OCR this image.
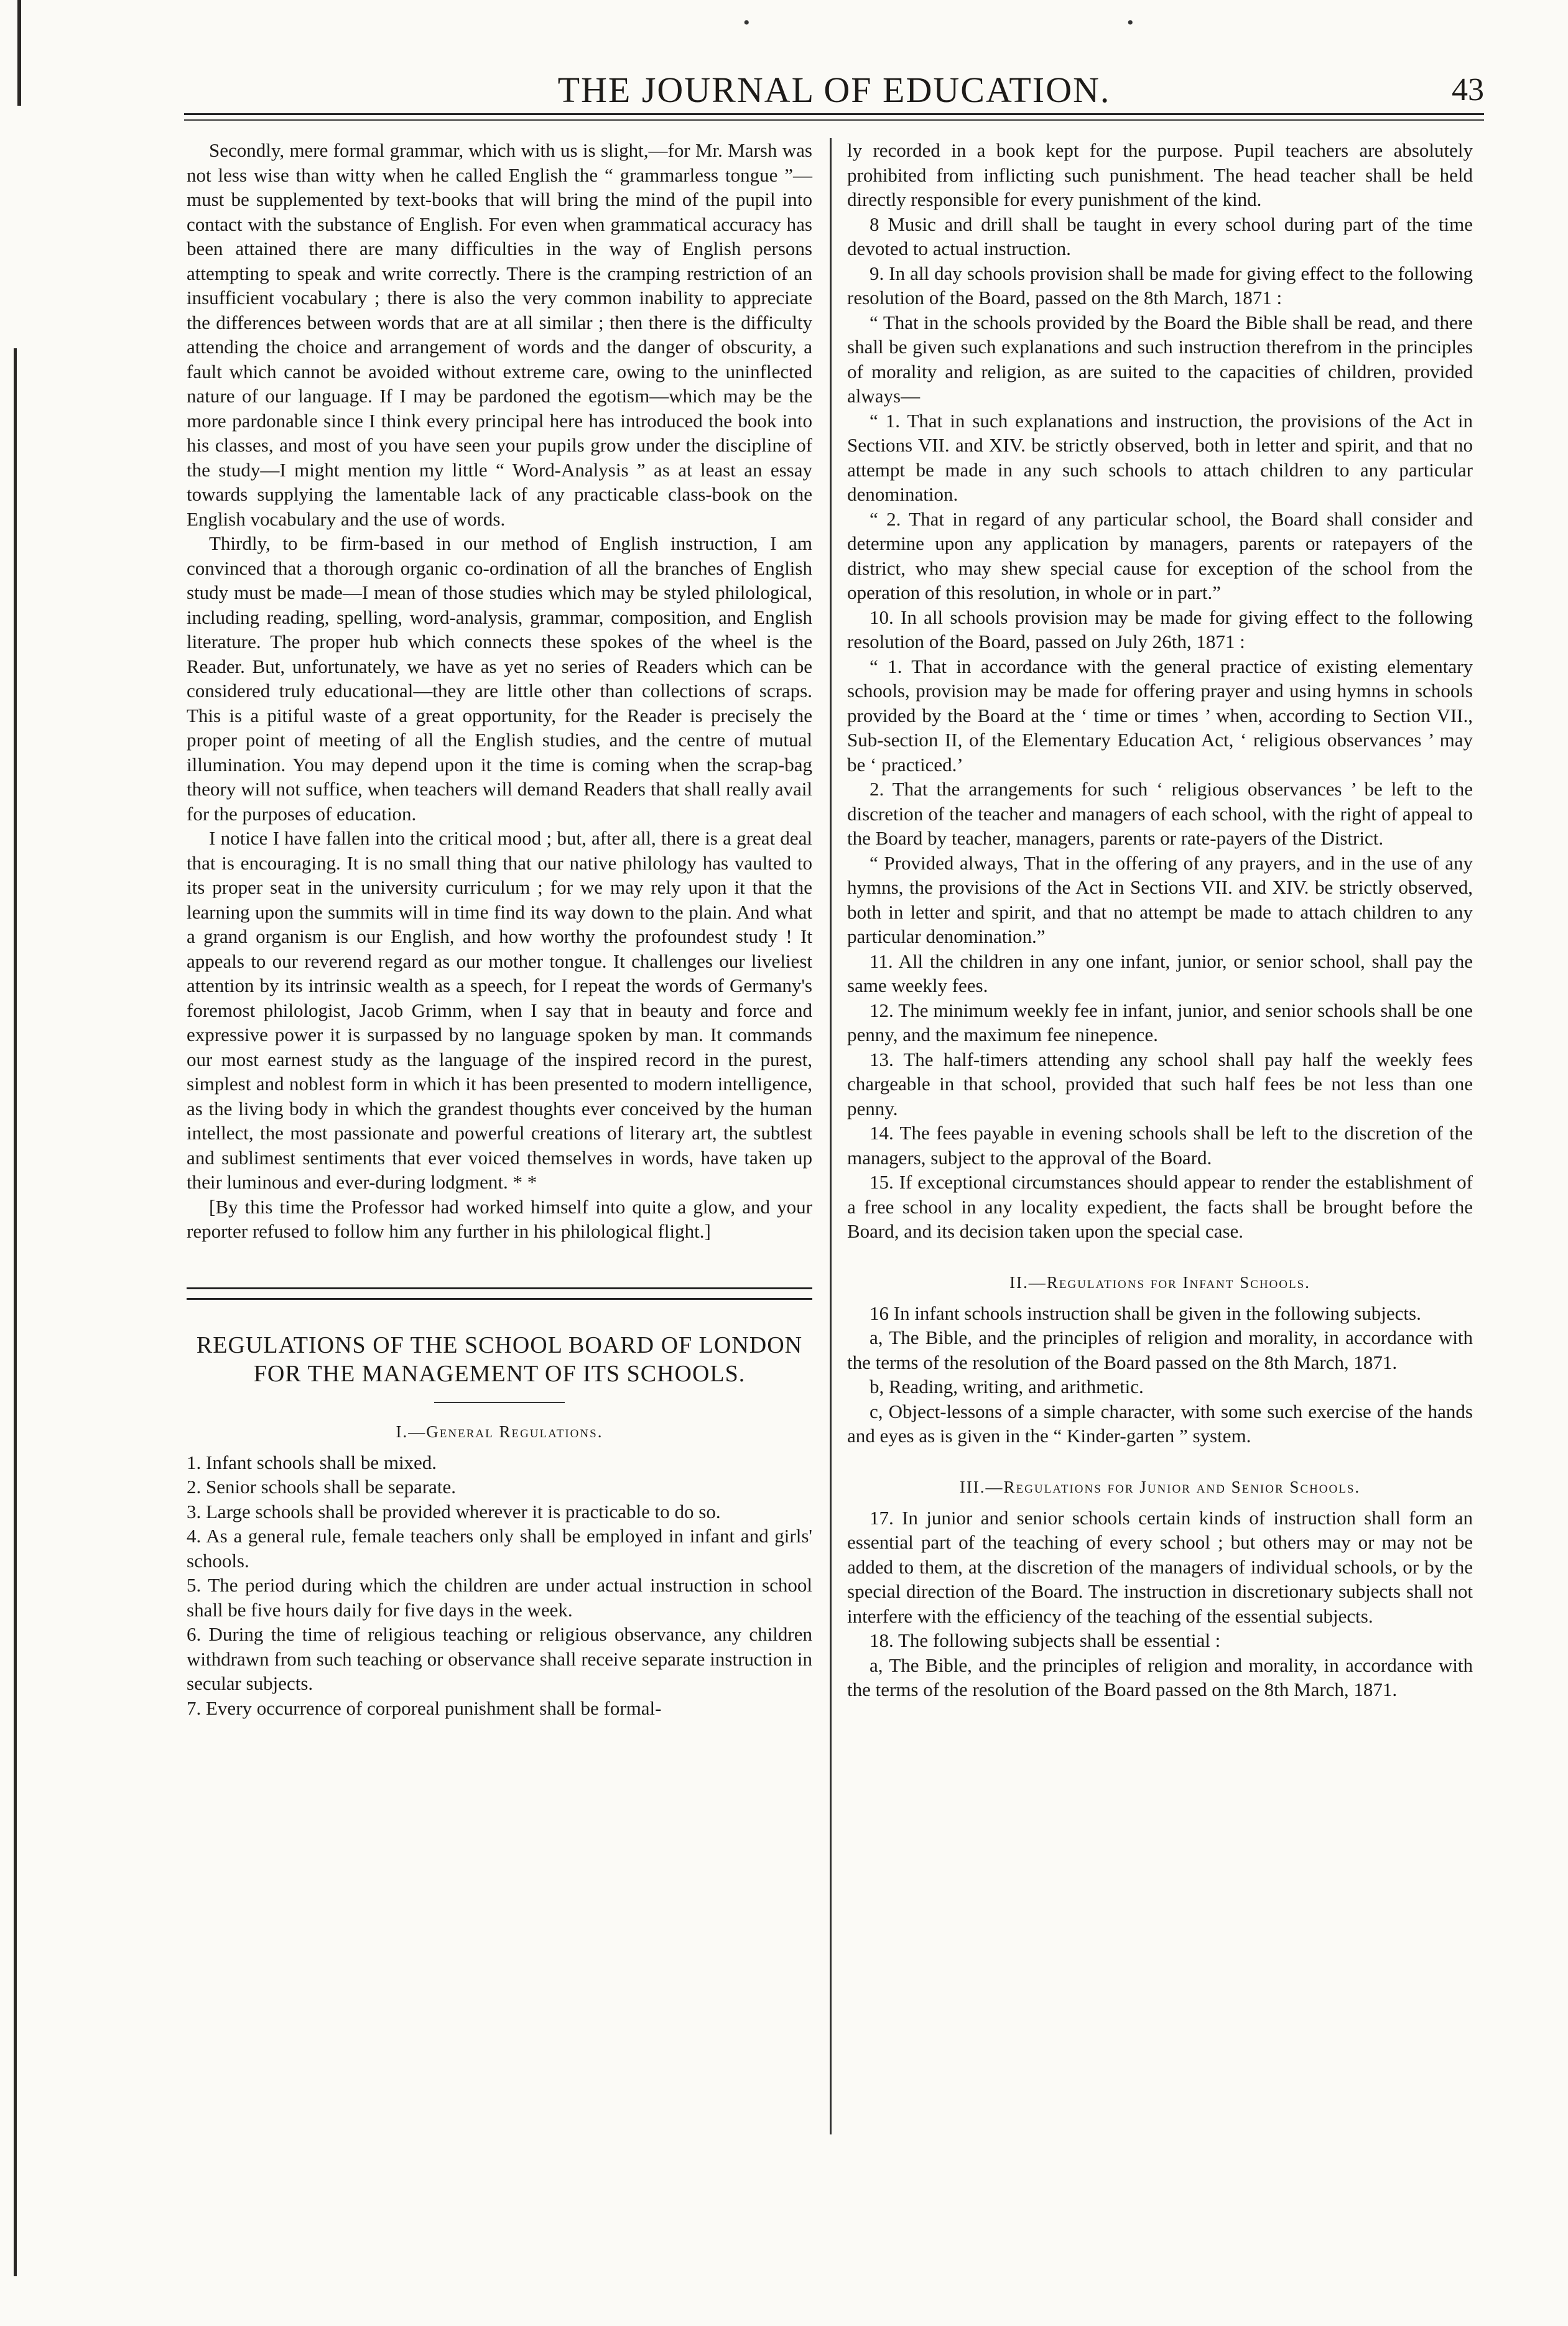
•	•
THE JOURNAL OF EDUCATION.	43

Secondly, mere formal grammar, which with us is slight,—for Mr. Marsh was not less wise than witty when he called English the “ grammarless tongue ”—must be supplemented by text-books that will bring the mind of the pupil into contact with the substance of English. For even when grammatical accuracy has been attained there are many difficulties in the way of English persons attempting to speak and write correctly. There is the cramping restriction of an insufficient vocabulary ; there is also the very common inability to appreciate the differences between words that are at all similar ; then there is the difficulty attending the choice and arrangement of words and the danger of obscurity, a fault which cannot be avoided without extreme care, owing to the uninflected nature of our language. If I may be pardoned the egotism—which may be the more pardonable since I think every principal here has introduced the book into his classes, and most of you have seen your pupils grow under the discipline of the study—I might mention my little “ Word-Analysis ” as at least an essay towards supplying the lamentable lack of any practicable class-book on the English vocabulary and the use of words.

Thirdly, to be firm-based in our method of English instruction, I am convinced that a thorough organic co-ordination of all the branches of English study must be made—I mean of those studies which may be styled philological, including reading, spelling, word-analysis, grammar, composition, and English literature. The proper hub which connects these spokes of the wheel is the Reader. But, unfortunately, we have as yet no series of Readers which can be considered truly educational—they are little other than collections of scraps. This is a pitiful waste of a great opportunity, for the Reader is precisely the proper point of meeting of all the English studies, and the centre of mutual illumination. You may depend upon it the time is coming when the scrap-bag theory will not suffice, when teachers will demand Readers that shall really avail for the purposes of education.

I notice I have fallen into the critical mood ; but, after all, there is a great deal that is encouraging. It is no small thing that our native philology has vaulted to its proper seat in the university curriculum ; for we may rely upon it that the learning upon the summits will in time find its way down to the plain. And what a grand organism is our English, and how worthy the profoundest study ! It appeals to our reverend regard as our mother tongue. It challenges our liveliest attention by its intrinsic wealth as a speech, for I repeat the words of Germany's foremost philologist, Jacob Grimm, when I say that in beauty and force and expressive power it is surpassed by no language spoken by man. It commands our most earnest study as the language of the inspired record in the purest, simplest and noblest form in which it has been presented to modern intelligence, as the living body in which the grandest thoughts ever conceived by the human intellect, the most passionate and powerful creations of literary art, the subtlest and sublimest sentiments that ever voiced themselves in words, have taken up their luminous and ever-during lodgment. * *

[By this time the Professor had worked himself into quite a glow, and your reporter refused to follow him any further in his philological flight.]

REGULATIONS OF THE SCHOOL BOARD OF LONDON FOR THE MANAGEMENT OF ITS SCHOOLS.
I.—General Regulations.

1. Infant schools shall be mixed.

2. Senior schools shall be separate.

3. Large schools shall be provided wherever it is practicable to do so.

4. As a general rule, female teachers only shall be employed in infant and girls' schools.

5. The period during which the children are under actual instruction in school shall be five hours daily for five days in the week.

6. During the time of religious teaching or religious observance, any children withdrawn from such teaching or observance shall receive separate instruction in secular subjects.

7. Every occurrence of corporeal punishment shall be formal-

ly recorded in a book kept for the purpose. Pupil teachers are absolutely prohibited from inflicting such punishment. The head teacher shall be held directly responsible for every punishment of the kind.

8 Music and drill shall be taught in every school during part of the time devoted to actual instruction.

9. In all day schools provision shall be made for giving effect to the following resolution of the Board, passed on the 8th March, 1871 :

“ That in the schools provided by the Board the Bible shall be read, and there shall be given such explanations and such instruction therefrom in the principles of morality and religion, as are suited to the capacities of children, provided always—

“ 1. That in such explanations and instruction, the provisions of the Act in Sections VII. and XIV. be strictly observed, both in letter and spirit, and that no attempt be made in any such schools to attach children to any particular denomination.

“ 2. That in regard of any particular school, the Board shall consider and determine upon any application by managers, parents or ratepayers of the district, who may shew special cause for exception of the school from the operation of this resolution, in whole or in part.”

10. In all schools provision may be made for giving effect to the following resolution of the Board, passed on July 26th, 1871 :

“ 1. That in accordance with the general practice of existing elementary schools, provision may be made for offering prayer and using hymns in schools provided by the Board at the ‘ time or times ’ when, according to Section VII., Sub-section II, of the Elementary Education Act, ‘ religious observances ’ may be ‘ practiced.’

2. That the arrangements for such ‘ religious observances ’ be left to the discretion of the teacher and managers of each school, with the right of appeal to the Board by teacher, managers, parents or rate-payers of the District.

“ Provided always, That in the offering of any prayers, and in the use of any hymns, the provisions of the Act in Sections VII. and XIV. be strictly observed, both in letter and spirit, and that no attempt be made to attach children to any particular denomination.”

11. All the children in any one infant, junior, or senior school, shall pay the same weekly fees.

12. The minimum weekly fee in infant, junior, and senior schools shall be one penny, and the maximum fee ninepence.

13. The half-timers attending any school shall pay half the weekly fees chargeable in that school, provided that such half fees be not less than one penny.

14. The fees payable in evening schools shall be left to the discretion of the managers, subject to the approval of the Board.

15. If exceptional circumstances should appear to render the establishment of a free school in any locality expedient, the facts shall be brought before the Board, and its decision taken upon the special case.

II.—Regulations for Infant Schools.

16 In infant schools instruction shall be given in the following subjects.

a, The Bible, and the principles of religion and morality, in accordance with the terms of the resolution of the Board passed on the 8th March, 1871.

b, Reading, writing, and arithmetic.

c, Object-lessons of a simple character, with some such exercise of the hands and eyes as is given in the “ Kinder-garten ” system.

III.—Regulations for Junior and Senior Schools.

17. In junior and senior schools certain kinds of instruction shall form an essential part of the teaching of every school ; but others may or may not be added to them, at the discretion of the managers of individual schools, or by the special direction of the Board. The instruction in discretionary subjects shall not interfere with the efficiency of the teaching of the essential subjects.

18. The following subjects shall be essential :

a, The Bible, and the principles of religion and morality, in accordance with the terms of the resolution of the Board passed on the 8th March, 1871.
